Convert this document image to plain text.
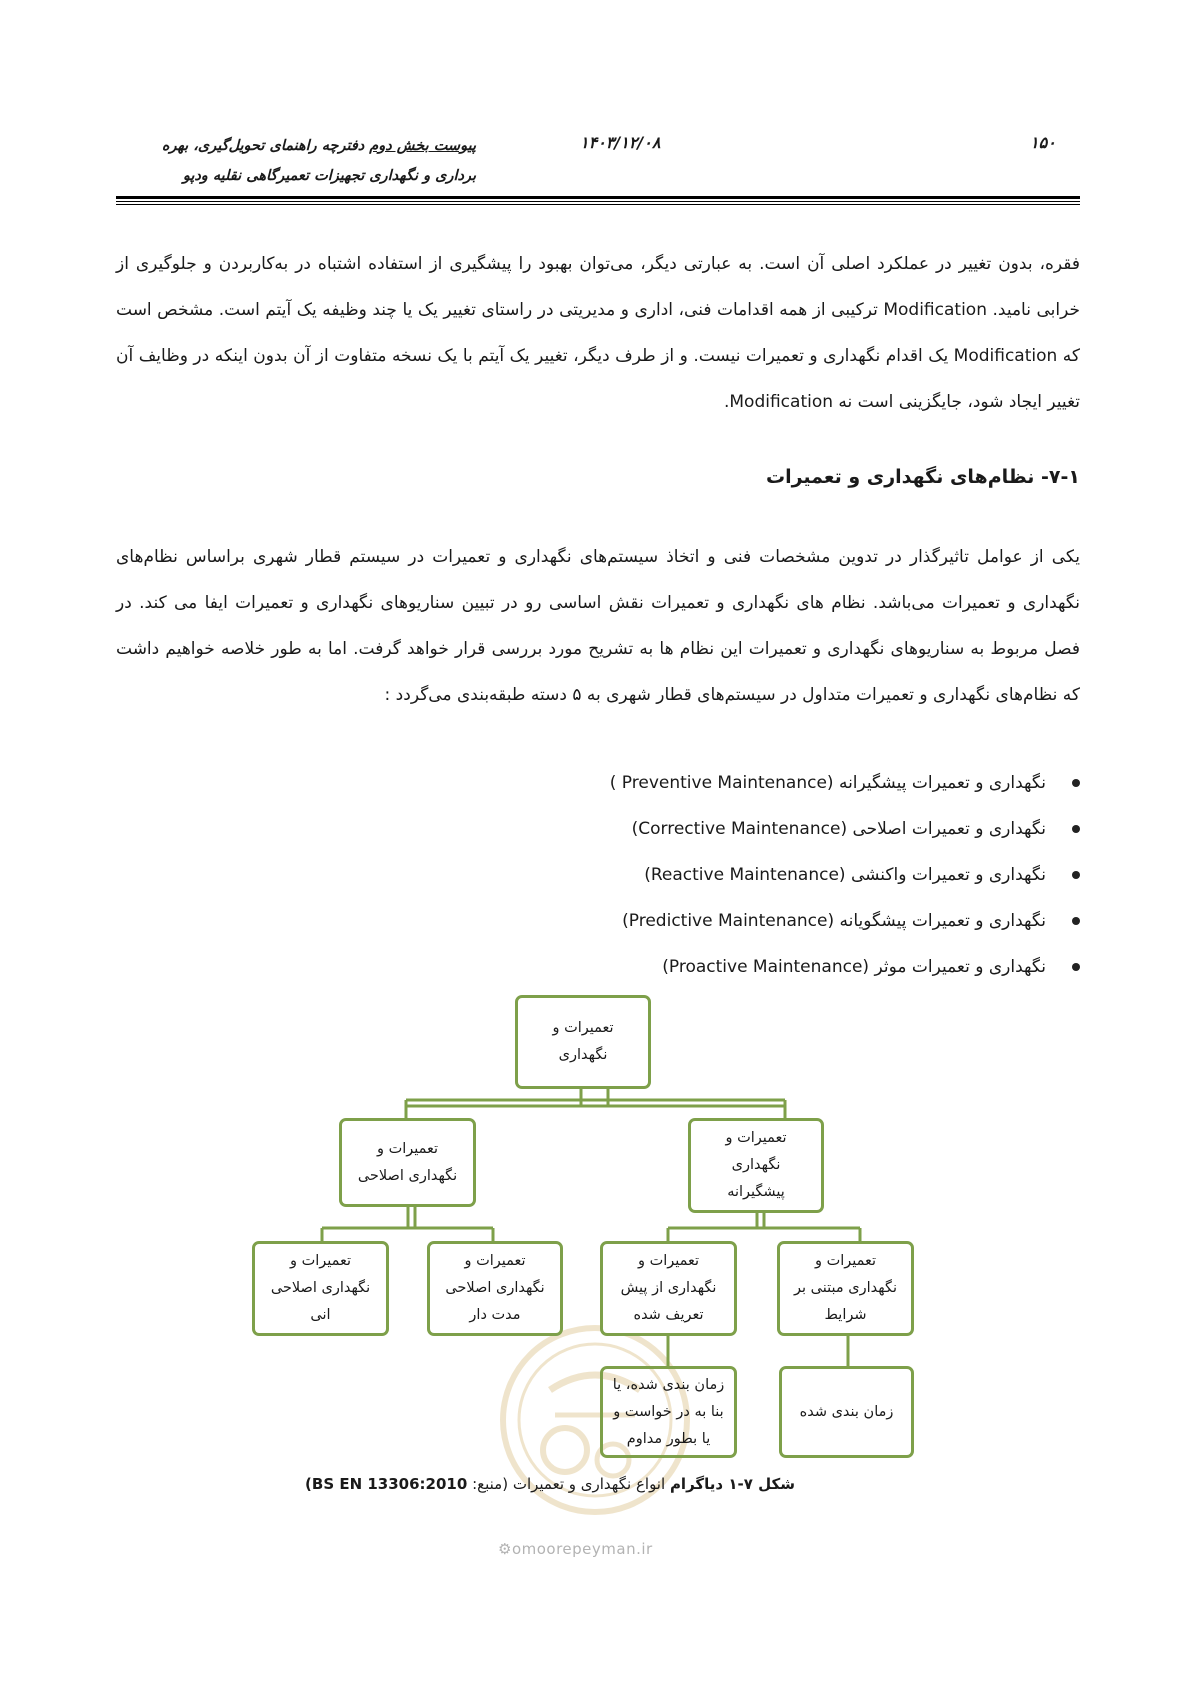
۱۵۰
۱۴۰۳/۱۲/۰۸
پیوست بخش دوم دفترچه راهنمای تحویل‌گیری، بهره
برداری و نگهداری تجهیزات تعمیرگاهی نقلیه ودپو
فقره، بدون تغییر در عملکرد اصلی آن است. به عبارتی دیگر، می‌توان بهبود را پیشگیری از استفاده اشتباه در به‌کاربردن و جلوگیری از خرابی نامید. Modification ترکیبی از همه اقدامات فنی، اداری و مدیریتی در راستای تغییر یک یا چند وظیفه یک آیتم است. مشخص است که Modification یک اقدام نگهداری و تعمیرات نیست. و از طرف دیگر، تغییر یک آیتم با یک نسخه متفاوت از آن بدون اینکه در وظایف آن تغییر ایجاد شود، جایگزینی است نه Modification.
۷-۱- نظام‌های نگهداری و تعمیرات
یکی از عوامل تاثیرگذار در تدوین مشخصات فنی و اتخاذ سیستم‌های نگهداری و تعمیرات در سیستم قطار شهری براساس نظام‌های نگهداری و تعمیرات می‌باشد. نظام های نگهداری و تعمیرات نقش اساسی رو در تبیین سناریوهای نگهداری و تعمیرات ایفا می کند. در فصل مربوط به سناریوهای نگهداری و تعمیرات این نظام ها به تشریح مورد بررسی قرار خواهد گرفت. اما به طور خلاصه خواهیم داشت که نظام‌های نگهداری و تعمیرات متداول در سیستم‌های قطار شهری به ۵ دسته طبقه‌بندی می‌گردد :
نگهداری و تعمیرات پیشگیرانه (Preventive Maintenance )
نگهداری و تعمیرات اصلاحی (Corrective Maintenance)
نگهداری و تعمیرات واکنشی (Reactive Maintenance)
نگهداری و تعمیرات پیشگویانه (Predictive Maintenance)
نگهداری و تعمیرات موثر (Proactive Maintenance)
تعمیرات و
نگهداری
تعمیرات و
نگهداری
پیشگیرانه
تعمیرات و
نگهداری اصلاحی
تعمیرات و
نگهداری مبتنی بر
شرایط
تعمیرات و
نگهداری از پیش
تعریف شده
تعمیرات و
نگهداری اصلاحی
مدت دار
تعمیرات و
نگهداری اصلاحی
انی
زمان بندی شده
زمان بندی شده، یا
بنا به در خواست و
یا بطور مداوم
شکل ۷-۱ دیاگرام انواع نگهداری و تعمیرات (منبع: BS EN 13306:2010)
⚙omoorepeyman.ir
